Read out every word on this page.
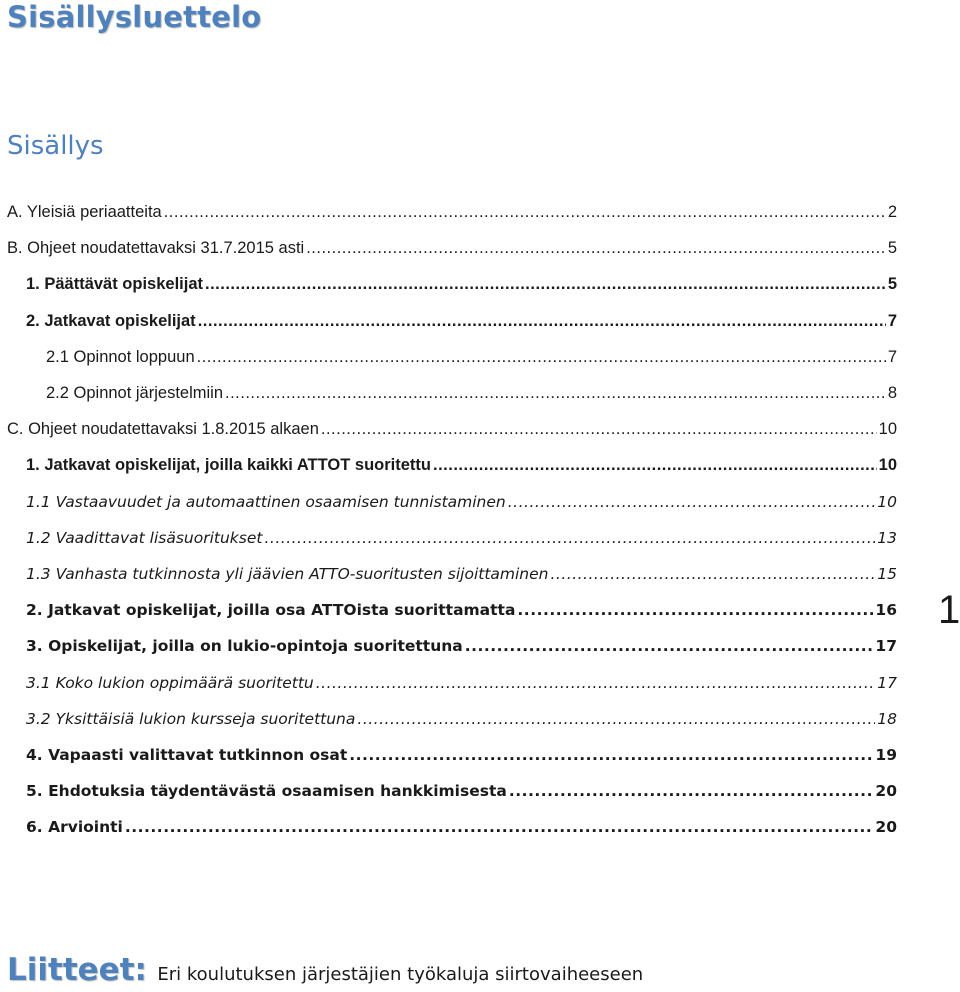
Sisällysluettelo
Sisällys
A. Yleisiä periaatteita .....	2
B. Ohjeet noudatettavaksi 31.7.2015 asti .....	5
1. Päättävät opiskelijat .....	5
2. Jatkavat opiskelijat .....	7
2.1 Opinnot loppuun .....	7
2.2 Opinnot järjestelmiin .....	8
C. Ohjeet noudatettavaksi 1.8.2015 alkaen .....	10
1. Jatkavat opiskelijat, joilla kaikki ATTOT suoritettu .....	10
1.1 Vastaavuudet ja automaattinen osaamisen tunnistaminen .....	10
1.2 Vaadittavat lisäsuoritukset .....	13
1.3 Vanhasta tutkinnosta yli jäävien ATTO-suoritusten sijoittaminen .....	15
2. Jatkavat opiskelijat, joilla osa ATTOista suorittamatta .....	16
3. Opiskelijat, joilla on lukio-opintoja suoritettuna .....	17
3.1 Koko lukion oppimäärä suoritettu .....	17
3.2 Yksittäisiä lukion kursseja suoritettuna .....	18
4. Vapaasti valittavat tutkinnon osat .....	19
5. Ehdotuksia täydentävästä osaamisen hankkimisesta .....	20
6. Arviointi .....	20
1
Liitteet: Eri koulutuksen järjestäjien työkaluja siirtovaiheeseen
